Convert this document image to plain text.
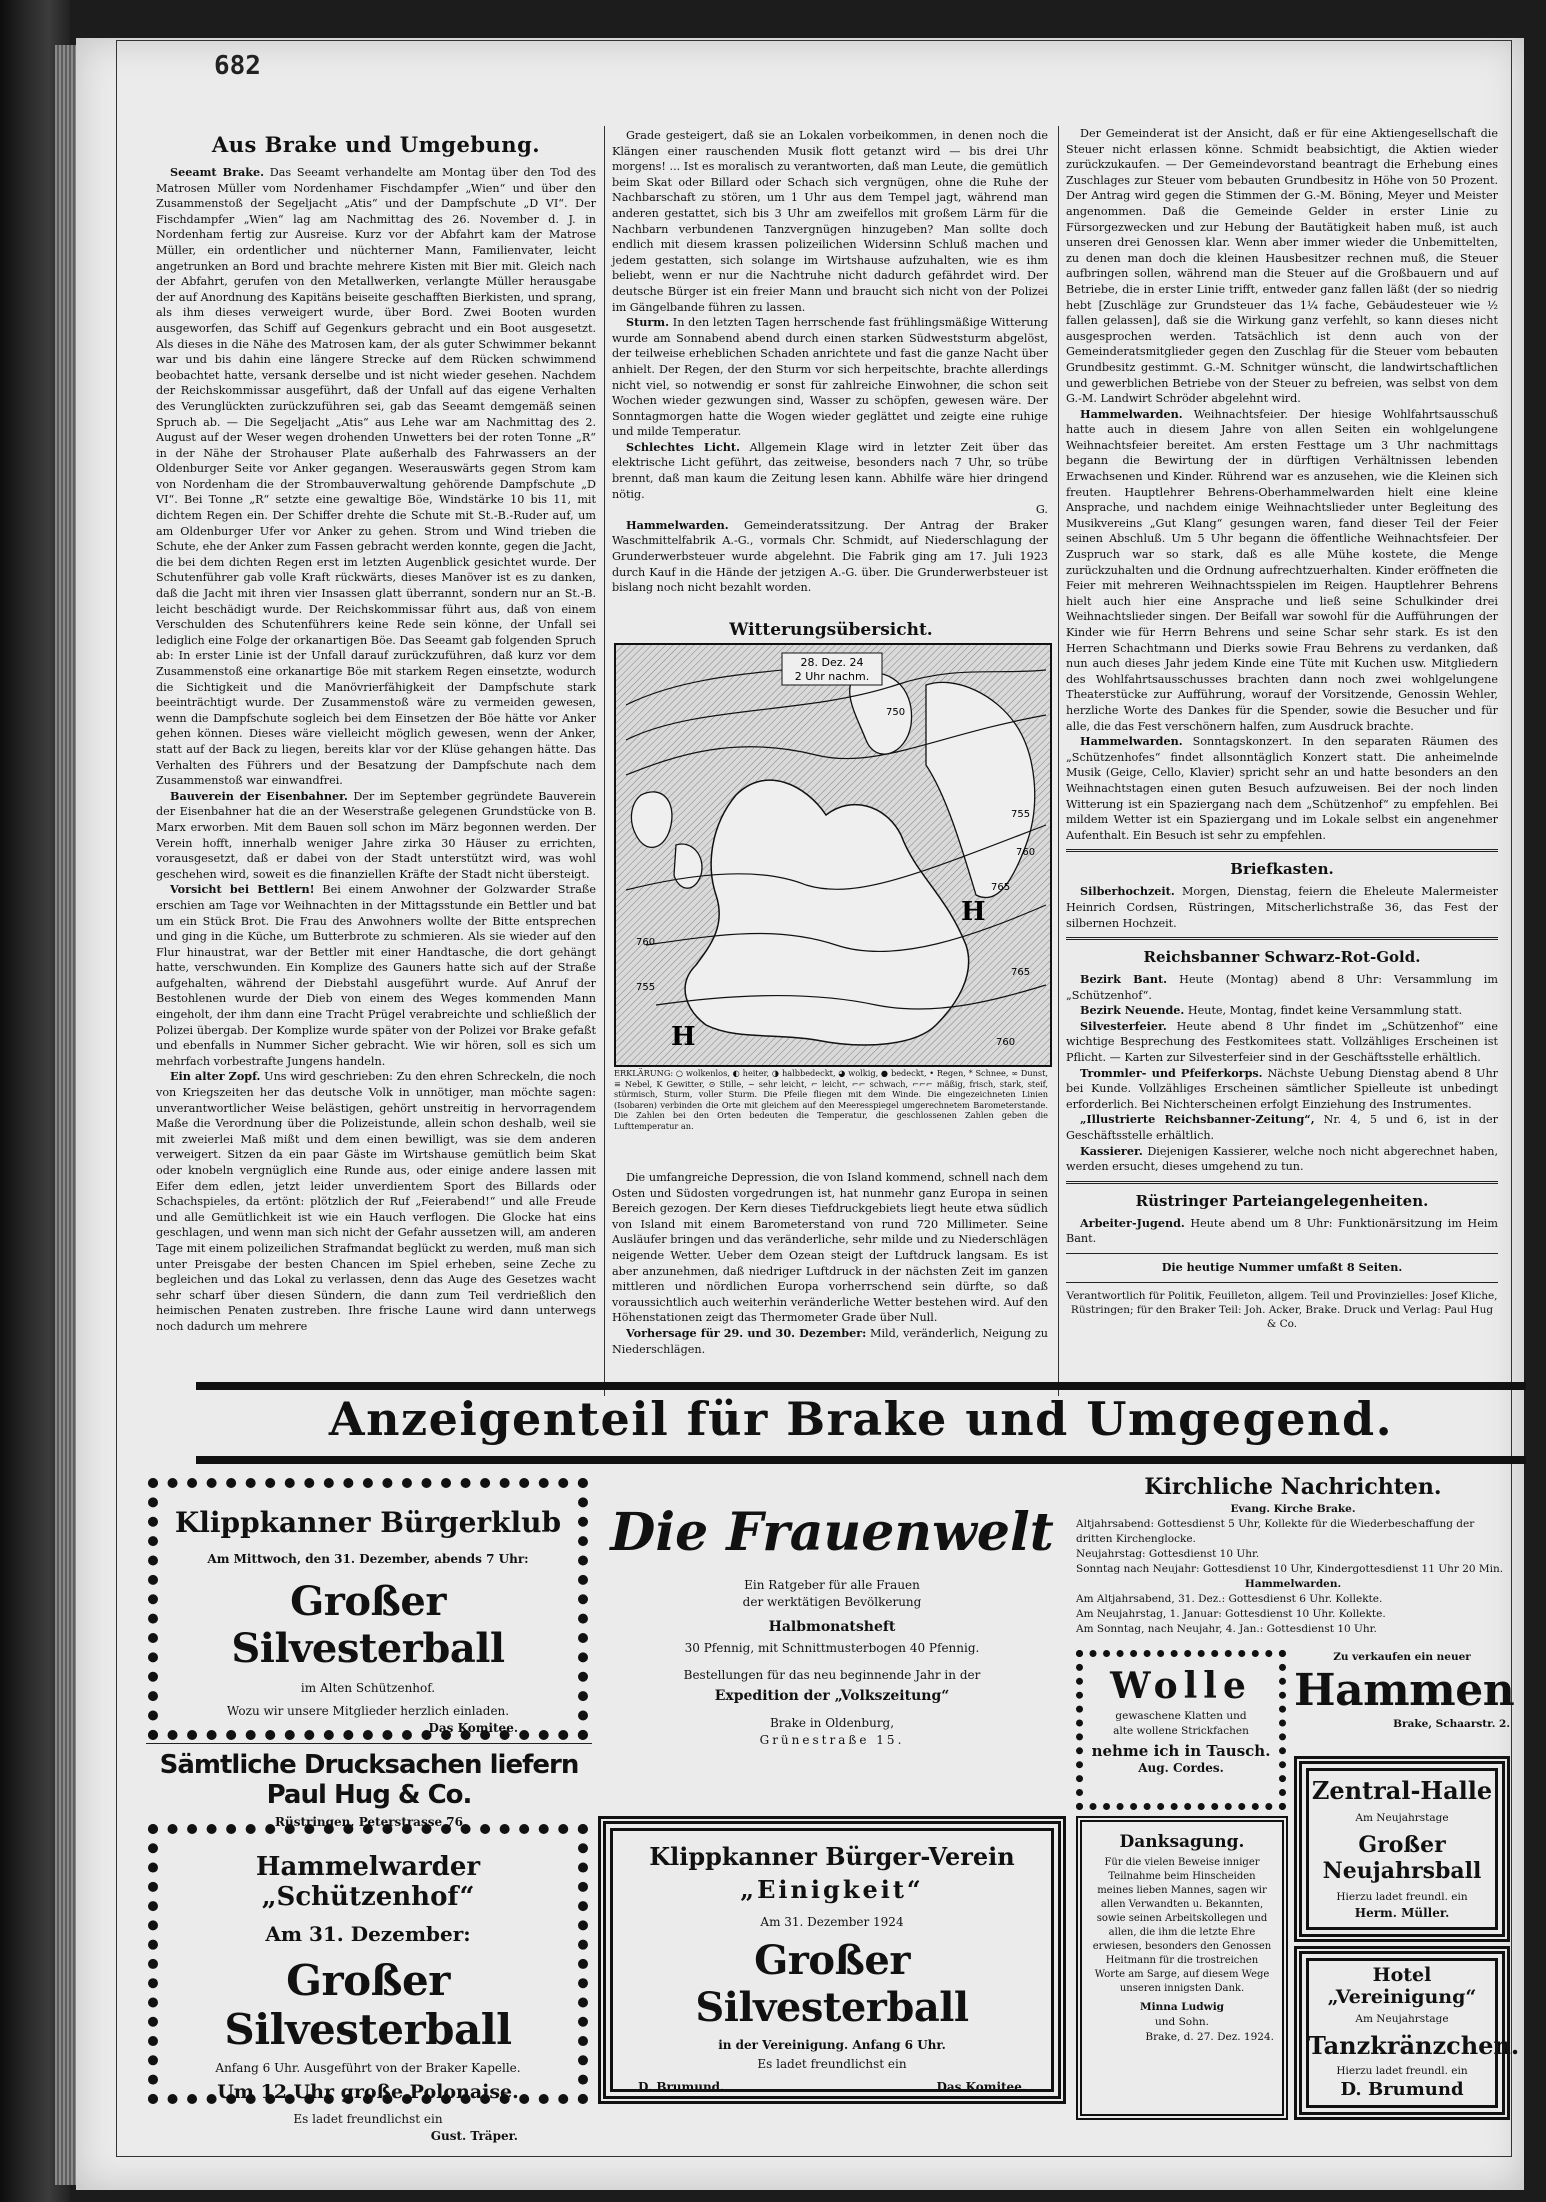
682
Aus Brake und Umgebung.

Seeamt Brake. Das Seeamt verhandelte am Montag über den Tod des Matrosen Müller vom Nordenhamer Fischdampfer „Wien“ und über den Zusammenstoß der Segeljacht „Atis“ und der Dampfschute „D VI“. Der Fischdampfer „Wien“ lag am Nachmittag des 26. November d. J. in Nordenham fertig zur Ausreise. Kurz vor der Abfahrt kam der Matrose Müller, ein ordentlicher und nüchterner Mann, Familienvater, leicht angetrunken an Bord und brachte mehrere Kisten mit Bier mit. Gleich nach der Abfahrt, gerufen von den Metallwerken, verlangte Müller herausgabe der auf Anordnung des Kapitäns beiseite geschafften Bierkisten, und sprang, als ihm dieses verweigert wurde, über Bord. Zwei Booten wurden ausgeworfen, das Schiff auf Gegenkurs gebracht und ein Boot ausgesetzt. Als dieses in die Nähe des Matrosen kam, der als guter Schwimmer bekannt war und bis dahin eine längere Strecke auf dem Rücken schwimmend beobachtet hatte, versank derselbe und ist nicht wieder gesehen. Nachdem der Reichskommissar ausgeführt, daß der Unfall auf das eigene Verhalten des Verunglückten zurückzuführen sei, gab das Seeamt demgemäß seinen Spruch ab. — Die Segeljacht „Atis“ aus Lehe war am Nachmittag des 2. August auf der Weser wegen drohenden Unwetters bei der roten Tonne „R“ in der Nähe der Strohauser Plate außerhalb des Fahrwassers an der Oldenburger Seite vor Anker gegangen. Weserauswärts gegen Strom kam von Nordenham die der Strombauverwaltung gehörende Dampfschute „D VI“. Bei Tonne „R“ setzte eine gewaltige Böe, Windstärke 10 bis 11, mit dichtem Regen ein. Der Schiffer drehte die Schute mit St.-B.-Ruder auf, um am Oldenburger Ufer vor Anker zu gehen. Strom und Wind trieben die Schute, ehe der Anker zum Fassen gebracht werden konnte, gegen die Jacht, die bei dem dichten Regen erst im letzten Augenblick gesichtet wurde. Der Schutenführer gab volle Kraft rückwärts, dieses Manöver ist es zu danken, daß die Jacht mit ihren vier Insassen glatt überrannt, sondern nur an St.-B. leicht beschädigt wurde. Der Reichskommissar führt aus, daß von einem Verschulden des Schutenführers keine Rede sein könne, der Unfall sei lediglich eine Folge der orkanartigen Böe. Das Seeamt gab folgenden Spruch ab: In erster Linie ist der Unfall darauf zurückzuführen, daß kurz vor dem Zusammenstoß eine orkanartige Böe mit starkem Regen einsetzte, wodurch die Sichtigkeit und die Manövrierfähigkeit der Dampfschute stark beeinträchtigt wurde. Der Zusammenstoß wäre zu vermeiden gewesen, wenn die Dampfschute sogleich bei dem Einsetzen der Böe hätte vor Anker gehen können. Dieses wäre vielleicht möglich gewesen, wenn der Anker, statt auf der Back zu liegen, bereits klar vor der Klüse gehangen hätte. Das Verhalten des Führers und der Besatzung der Dampfschute nach dem Zusammenstoß war einwandfrei.

Bauverein der Eisenbahner. Der im September gegründete Bauverein der Eisenbahner hat die an der Weserstraße gelegenen Grundstücke von B. Marx erworben. Mit dem Bauen soll schon im März begonnen werden. Der Verein hofft, innerhalb weniger Jahre zirka 30 Häuser zu errichten, vorausgesetzt, daß er dabei von der Stadt unterstützt wird, was wohl geschehen wird, soweit es die finanziellen Kräfte der Stadt nicht übersteigt.

Vorsicht bei Bettlern! Bei einem Anwohner der Golzwarder Straße erschien am Tage vor Weihnachten in der Mittagsstunde ein Bettler und bat um ein Stück Brot. Die Frau des Anwohners wollte der Bitte entsprechen und ging in die Küche, um Butterbrote zu schmieren. Als sie wieder auf den Flur hinaustrat, war der Bettler mit einer Handtasche, die dort gehängt hatte, verschwunden. Ein Komplize des Gauners hatte sich auf der Straße aufgehalten, während der Diebstahl ausgeführt wurde. Auf Anruf der Bestohlenen wurde der Dieb von einem des Weges kommenden Mann eingeholt, der ihm dann eine Tracht Prügel verabreichte und schließlich der Polizei übergab. Der Komplize wurde später von der Polizei vor Brake gefaßt und ebenfalls in Nummer Sicher gebracht. Wie wir hören, soll es sich um mehrfach vorbestrafte Jungens handeln.

Ein alter Zopf. Uns wird geschrieben: Zu den ehren Schreckeln, die noch von Kriegszeiten her das deutsche Volk in unnötiger, man möchte sagen: unverantwortlicher Weise belästigen, gehört unstreitig in hervorragendem Maße die Verordnung über die Polizeistunde, allein schon deshalb, weil sie mit zweierlei Maß mißt und dem einen bewilligt, was sie dem anderen verweigert. Sitzen da ein paar Gäste im Wirtshause gemütlich beim Skat oder knobeln vergnüglich eine Runde aus, oder einige andere lassen mit Eifer dem edlen, jetzt leider unverdientem Sport des Billards oder Schachspieles, da ertönt: plötzlich der Ruf „Feierabend!“ und alle Freude und alle Gemütlichkeit ist wie ein Hauch verflogen. Die Glocke hat eins geschlagen, und wenn man sich nicht der Gefahr aussetzen will, am anderen Tage mit einem polizeilichen Strafmandat beglückt zu werden, muß man sich unter Preisgabe der besten Chancen im Spiel erheben, seine Zeche zu begleichen und das Lokal zu verlassen, denn das Auge des Gesetzes wacht sehr scharf über diesen Sündern, die dann zum Teil verdrießlich den heimischen Penaten zustreben. Ihre frische Laune wird dann unterwegs noch dadurch um mehrere

Grade gesteigert, daß sie an Lokalen vorbeikommen, in denen noch die Klängen einer rauschenden Musik flott getanzt wird — bis drei Uhr morgens! ... Ist es moralisch zu verantworten, daß man Leute, die gemütlich beim Skat oder Billard oder Schach sich vergnügen, ohne die Ruhe der Nachbarschaft zu stören, um 1 Uhr aus dem Tempel jagt, während man anderen gestattet, sich bis 3 Uhr am zweifellos mit großem Lärm für die Nachbarn verbundenen Tanzvergnügen hinzugeben? Man sollte doch endlich mit diesem krassen polizeilichen Widersinn Schluß machen und jedem gestatten, sich solange im Wirtshause aufzuhalten, wie es ihm beliebt, wenn er nur die Nachtruhe nicht dadurch gefährdet wird. Der deutsche Bürger ist ein freier Mann und braucht sich nicht von der Polizei im Gängelbande führen zu lassen.

Sturm. In den letzten Tagen herrschende fast frühlingsmäßige Witterung wurde am Sonnabend abend durch einen starken Südweststurm abgelöst, der teilweise erheblichen Schaden anrichtete und fast die ganze Nacht über anhielt. Der Regen, der den Sturm vor sich herpeitschte, brachte allerdings nicht viel, so notwendig er sonst für zahlreiche Einwohner, die schon seit Wochen wieder gezwungen sind, Wasser zu schöpfen, gewesen wäre. Der Sonntagmorgen hatte die Wogen wieder geglättet und zeigte eine ruhige und milde Temperatur.

Schlechtes Licht. Allgemein Klage wird in letzter Zeit über das elektrische Licht geführt, das zeitweise, besonders nach 7 Uhr, so trübe brennt, daß man kaum die Zeitung lesen kann. Abhilfe wäre hier dringend nötig.

G.

Hammelwarden. Gemeinderatssitzung. Der Antrag der Braker Waschmittelfabrik A.-G., vormals Chr. Schmidt, auf Niederschlagung der Grunderwerbsteuer wurde abgelehnt. Die Fabrik ging am 17. Juli 1923 durch Kauf in die Hände der jetzigen A.-G. über. Die Grunderwerbsteuer ist bislang noch nicht bezahlt worden.

Witterungsübersicht.
28. Dez. 24
2 Uhr nachm.
755
760
765
760
765
760
755
750
H
H
ERKLÄRUNG: ○ wolkenlos, ◐ heiter, ◑ halbbedeckt, ◕ wolkig, ● bedeckt, • Regen, * Schnee, ∞ Dunst, ≡ Nebel, K Gewitter, ⊙ Stille, ~ sehr leicht, ⌐ leicht, ⌐⌐ schwach, ⌐⌐⌐ mäßig, frisch, stark, steif, stürmisch, Sturm, voller Sturm. Die Pfeile fliegen mit dem Winde. Die eingezeichneten Linien (Isobaren) verbinden die Orte mit gleichem auf den Meeresspiegel umgerechnetem Barometerstande. Die Zahlen bei den Orten bedeuten die Temperatur, die geschlossenen Zahlen geben die Lufttemperatur an.

Die umfangreiche Depression, die von Island kommend, schnell nach dem Osten und Südosten vorgedrungen ist, hat nunmehr ganz Europa in seinen Bereich gezogen. Der Kern dieses Tiefdruckgebiets liegt heute etwa südlich von Island mit einem Barometerstand von rund 720 Millimeter. Seine Ausläufer bringen und das veränderliche, sehr milde und zu Niederschlägen neigende Wetter. Ueber dem Ozean steigt der Luftdruck langsam. Es ist aber anzunehmen, daß niedriger Luftdruck in der nächsten Zeit im ganzen mittleren und nördlichen Europa vorherrschend sein dürfte, so daß voraussichtlich auch weiterhin veränderliche Wetter bestehen wird. Auf den Höhenstationen zeigt das Thermometer Grade über Null.

Vorhersage für 29. und 30. Dezember: Mild, veränderlich, Neigung zu Niederschlägen.

Der Gemeinderat ist der Ansicht, daß er für eine Aktiengesellschaft die Steuer nicht erlassen könne. Schmidt beabsichtigt, die Aktien wieder zurückzukaufen. — Der Gemeindevorstand beantragt die Erhebung eines Zuschlages zur Steuer vom bebauten Grundbesitz in Höhe von 50 Prozent. Der Antrag wird gegen die Stimmen der G.-M. Böning, Meyer und Meister angenommen. Daß die Gemeinde Gelder in erster Linie zu Fürsorgezwecken und zur Hebung der Bautätigkeit haben muß, ist auch unseren drei Genossen klar. Wenn aber immer wieder die Unbemittelten, zu denen man doch die kleinen Hausbesitzer rechnen muß, die Steuer aufbringen sollen, während man die Steuer auf die Großbauern und auf Betriebe, die in erster Linie trifft, entweder ganz fallen läßt (der so niedrig hebt [Zuschläge zur Grundsteuer das 1¼ fache, Gebäudesteuer wie ½ fallen gelassen], daß sie die Wirkung ganz verfehlt, so kann dieses nicht ausgesprochen werden. Tatsächlich ist denn auch von der Gemeinderatsmitglieder gegen den Zuschlag für die Steuer vom bebauten Grundbesitz gestimmt. G.-M. Schnitger wünscht, die landwirtschaftlichen und gewerblichen Betriebe von der Steuer zu befreien, was selbst von dem G.-M. Landwirt Schröder abgelehnt wird.

Hammelwarden. Weihnachtsfeier. Der hiesige Wohlfahrtsausschuß hatte auch in diesem Jahre von allen Seiten ein wohlgelungene Weihnachtsfeier bereitet. Am ersten Festtage um 3 Uhr nachmittags begann die Bewirtung der in dürftigen Verhältnissen lebenden Erwachsenen und Kinder. Rührend war es anzusehen, wie die Kleinen sich freuten. Hauptlehrer Behrens-Oberhammelwarden hielt eine kleine Ansprache, und nachdem einige Weihnachtslieder unter Begleitung des Musikvereins „Gut Klang“ gesungen waren, fand dieser Teil der Feier seinen Abschluß. Um 5 Uhr begann die öffentliche Weihnachtsfeier. Der Zuspruch war so stark, daß es alle Mühe kostete, die Menge zurückzuhalten und die Ordnung aufrechtzuerhalten. Kinder eröffneten die Feier mit mehreren Weihnachtsspielen im Reigen. Hauptlehrer Behrens hielt auch hier eine Ansprache und ließ seine Schulkinder drei Weihnachtslieder singen. Der Beifall war sowohl für die Aufführungen der Kinder wie für Herrn Behrens und seine Schar sehr stark. Es ist den Herren Schachtmann und Dierks sowie Frau Behrens zu verdanken, daß nun auch dieses Jahr jedem Kinde eine Tüte mit Kuchen usw. Mitgliedern des Wohlfahrtsausschusses brachten dann noch zwei wohlgelungene Theaterstücke zur Aufführung, worauf der Vorsitzende, Genossin Wehler, herzliche Worte des Dankes für die Spender, sowie die Besucher und für alle, die das Fest verschönern halfen, zum Ausdruck brachte.

Hammelwarden. Sonntagskonzert. In den separaten Räumen des „Schützenhofes“ findet allsonntäglich Konzert statt. Die anheimelnde Musik (Geige, Cello, Klavier) spricht sehr an und hatte besonders an den Weihnachtstagen einen guten Besuch aufzuweisen. Bei der noch linden Witterung ist ein Spaziergang nach dem „Schützenhof“ zu empfehlen. Bei mildem Wetter ist ein Spaziergang und im Lokale selbst ein angenehmer Aufenthalt. Ein Besuch ist sehr zu empfehlen.

Briefkasten.

Silberhochzeit. Morgen, Dienstag, feiern die Eheleute Malermeister Heinrich Cordsen, Rüstringen, Mitscherlichstraße 36, das Fest der silbernen Hochzeit.

Reichsbanner Schwarz-Rot-Gold.

Bezirk Bant. Heute (Montag) abend 8 Uhr: Versammlung im „Schützenhof“.

Bezirk Neuende. Heute, Montag, findet keine Versammlung statt.

Silvesterfeier. Heute abend 8 Uhr findet im „Schützenhof“ eine wichtige Besprechung des Festkomitees statt. Vollzähliges Erscheinen ist Pflicht. — Karten zur Silvesterfeier sind in der Geschäftsstelle erhältlich.

Trommler- und Pfeiferkorps. Nächste Uebung Dienstag abend 8 Uhr bei Kunde. Vollzähliges Erscheinen sämtlicher Spielleute ist unbedingt erforderlich. Bei Nichterscheinen erfolgt Einziehung des Instrumentes.

„Illustrierte Reichsbanner-Zeitung“, Nr. 4, 5 und 6, ist in der Geschäftsstelle erhältlich.

Kassierer. Diejenigen Kassierer, welche noch nicht abgerechnet haben, werden ersucht, dieses umgehend zu tun.

Rüstringer Parteiangelegenheiten.

Arbeiter-Jugend. Heute abend um 8 Uhr: Funktionärsitzung im Heim Bant.

Die heutige Nummer umfaßt 8 Seiten.
Verantwortlich für Politik, Feuilleton, allgem. Teil und Provinzielles: Josef Kliche, Rüstringen; für den Braker Teil: Joh. Acker, Brake. Druck und Verlag: Paul Hug & Co.
Anzeigenteil für Brake und Umgegend.
Klippkanner Bürgerklub
Am Mittwoch, den 31. Dezember, abends 7 Uhr:
Großer Silvesterball
im Alten Schützenhof.
Wozu wir unsere Mitglieder herzlich einladen.
Das Komitee.
Sämtliche Drucksachen liefern Paul Hug & Co.
Rüstringen, Peterstrasse 76
Hammelwarder „Schützenhof“
Am 31. Dezember:
Großer Silvesterball
Anfang 6 Uhr. Ausgeführt von der Braker Kapelle.
Um 12 Uhr große Polonaise.
Es ladet freundlichst ein
Gust. Träper.
Die Frauenwelt
Ein Ratgeber für alle Frauen
der werktätigen Bevölkerung
Halbmonatsheft
30 Pfennig, mit Schnittmusterbogen 40 Pfennig.
Bestellungen für das neu beginnende Jahr in der
Expedition der „Volkszeitung“
Brake in Oldenburg,
Grünestraße 15.
Klippkanner Bürger-Verein
„Einigkeit“
Am 31. Dezember 1924
Großer Silvesterball
in der Vereinigung. Anfang 6 Uhr.
Es ladet freundlichst ein
D. Brumund.	Das Komitee.
Kirchliche Nachrichten.
Evang. Kirche Brake.
Altjahrsabend: Gottesdienst 5 Uhr, Kollekte für die Wiederbeschaffung der dritten Kirchenglocke.
Neujahrstag: Gottesdienst 10 Uhr.
Sonntag nach Neujahr: Gottesdienst 10 Uhr, Kindergottesdienst 11 Uhr 20 Min.
Hammelwarden.
Am Altjahrsabend, 31. Dez.: Gottesdienst 6 Uhr. Kollekte.
Am Neujahrstag, 1. Januar: Gottesdienst 10 Uhr. Kollekte.
Am Sonntag, nach Neujahr, 4. Jan.: Gottesdienst 10 Uhr.
Wolle
gewaschene Klatten und
alte wollene Strickfachen
nehme ich in Tausch.
Aug. Cordes.
Zu verkaufen ein neuer
Hammen
Brake, Schaarstr. 2.
Zentral-Halle
Am Neujahrstage
Großer Neujahrsball
Hierzu ladet freundl. ein
Herm. Müller.
Danksagung.
Für die vielen Beweise inniger Teilnahme beim Hinscheiden meines lieben Mannes, sagen wir allen Verwandten u. Bekannten, sowie seinen Arbeitskollegen und allen, die ihm die letzte Ehre erwiesen, besonders den Genossen Heitmann für die trostreichen Worte am Sarge, auf diesem Wege unseren innigsten Dank.
Minna Ludwig
und Sohn.
Brake, d. 27. Dez. 1924.
Hotel „Vereinigung“
Am Neujahrstage
Tanzkränzchen.
Hierzu ladet freundl. ein
D. Brumund
